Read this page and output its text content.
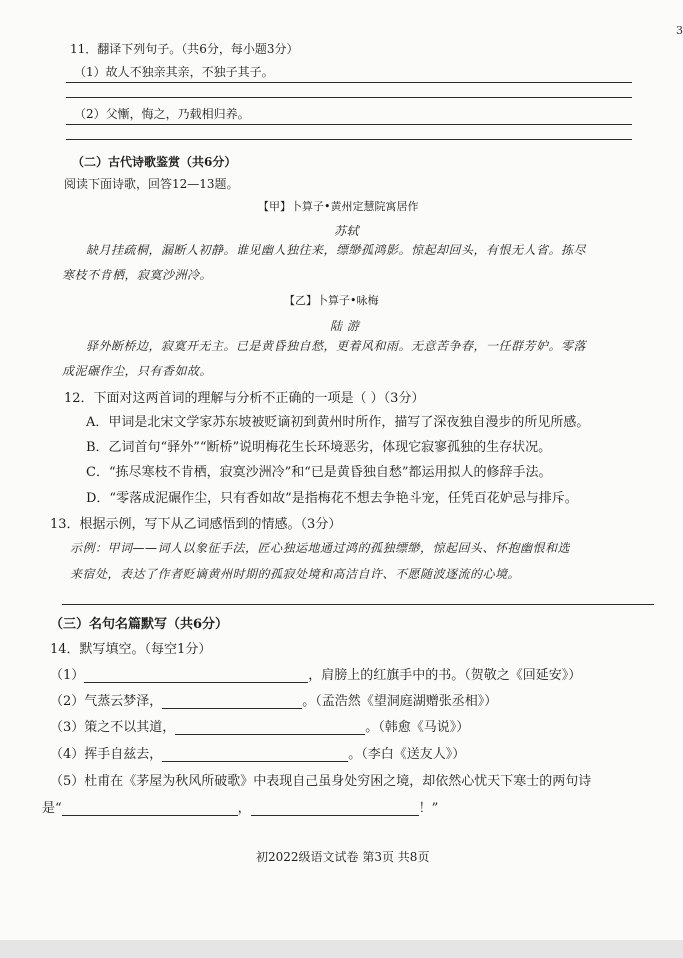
3
11．翻译下列句子。（共6分，每小题3分）
（1）故人不独亲其亲，不独子其子。
（2）父慚，悔之，乃载相归养。
（二）古代诗歌鉴赏（共6分）
阅读下面诗歌，回答12—13题。
【甲】卜算子•黄州定慧院寓居作
苏轼
缺月挂疏桐，漏断人初静。谁见幽人独往来，缥缈孤鸿影。惊起却回头，有恨无人省。拣尽
寒枝不肯栖，寂寞沙洲冷。
【乙】卜算子•咏梅
陆 游
驿外断桥边，寂寞开无主。已是黄昏独自愁，更着风和雨。无意苦争春，一任群芳妒。零落
成泥碾作尘，只有香如故。
12．下面对这两首词的理解与分析不正确的一项是（ ）（3分）
A．甲词是北宋文学家苏东坡被贬谪初到黄州时所作，描写了深夜独自漫步的所见所感。
B．乙词首句“驿外”“断桥”说明梅花生长环境恶劣，体现它寂寥孤独的生存状况。
C．“拣尽寒枝不肯栖，寂寞沙洲冷”和“已是黄昏独自愁”都运用拟人的修辞手法。
D．“零落成泥碾作尘，只有香如故”是指梅花不想去争艳斗宠，任凭百花妒忌与排斥。
13．根据示例，写下从乙词感悟到的情感。（3分）
示例：甲词——词人以象征手法，匠心独运地通过鸿的孤独缥缈，惊起回头、怀抱幽恨和选
来宿处，表达了作者贬谪黄州时期的孤寂处境和高洁自许、不愿随波逐流的心境。
（三）名句名篇默写（共6分）
14．默写填空。（每空1分）
（1）	，肩膀上的红旗手中的书。（贺敬之《回延安》）
（2）气蒸云梦泽，	。（孟浩然《望洞庭湖赠张丞相》）
（3）策之不以其道，	。（韩愈《马说》）
（4）挥手自兹去，	。（李白《送友人》）
（5）杜甫在《茅屋为秋风所破歌》中表现自己虽身处穷困之境，却依然心忧天下寒士的两句诗
是“	，	！”
初2022级语文试卷 第3页 共8页
